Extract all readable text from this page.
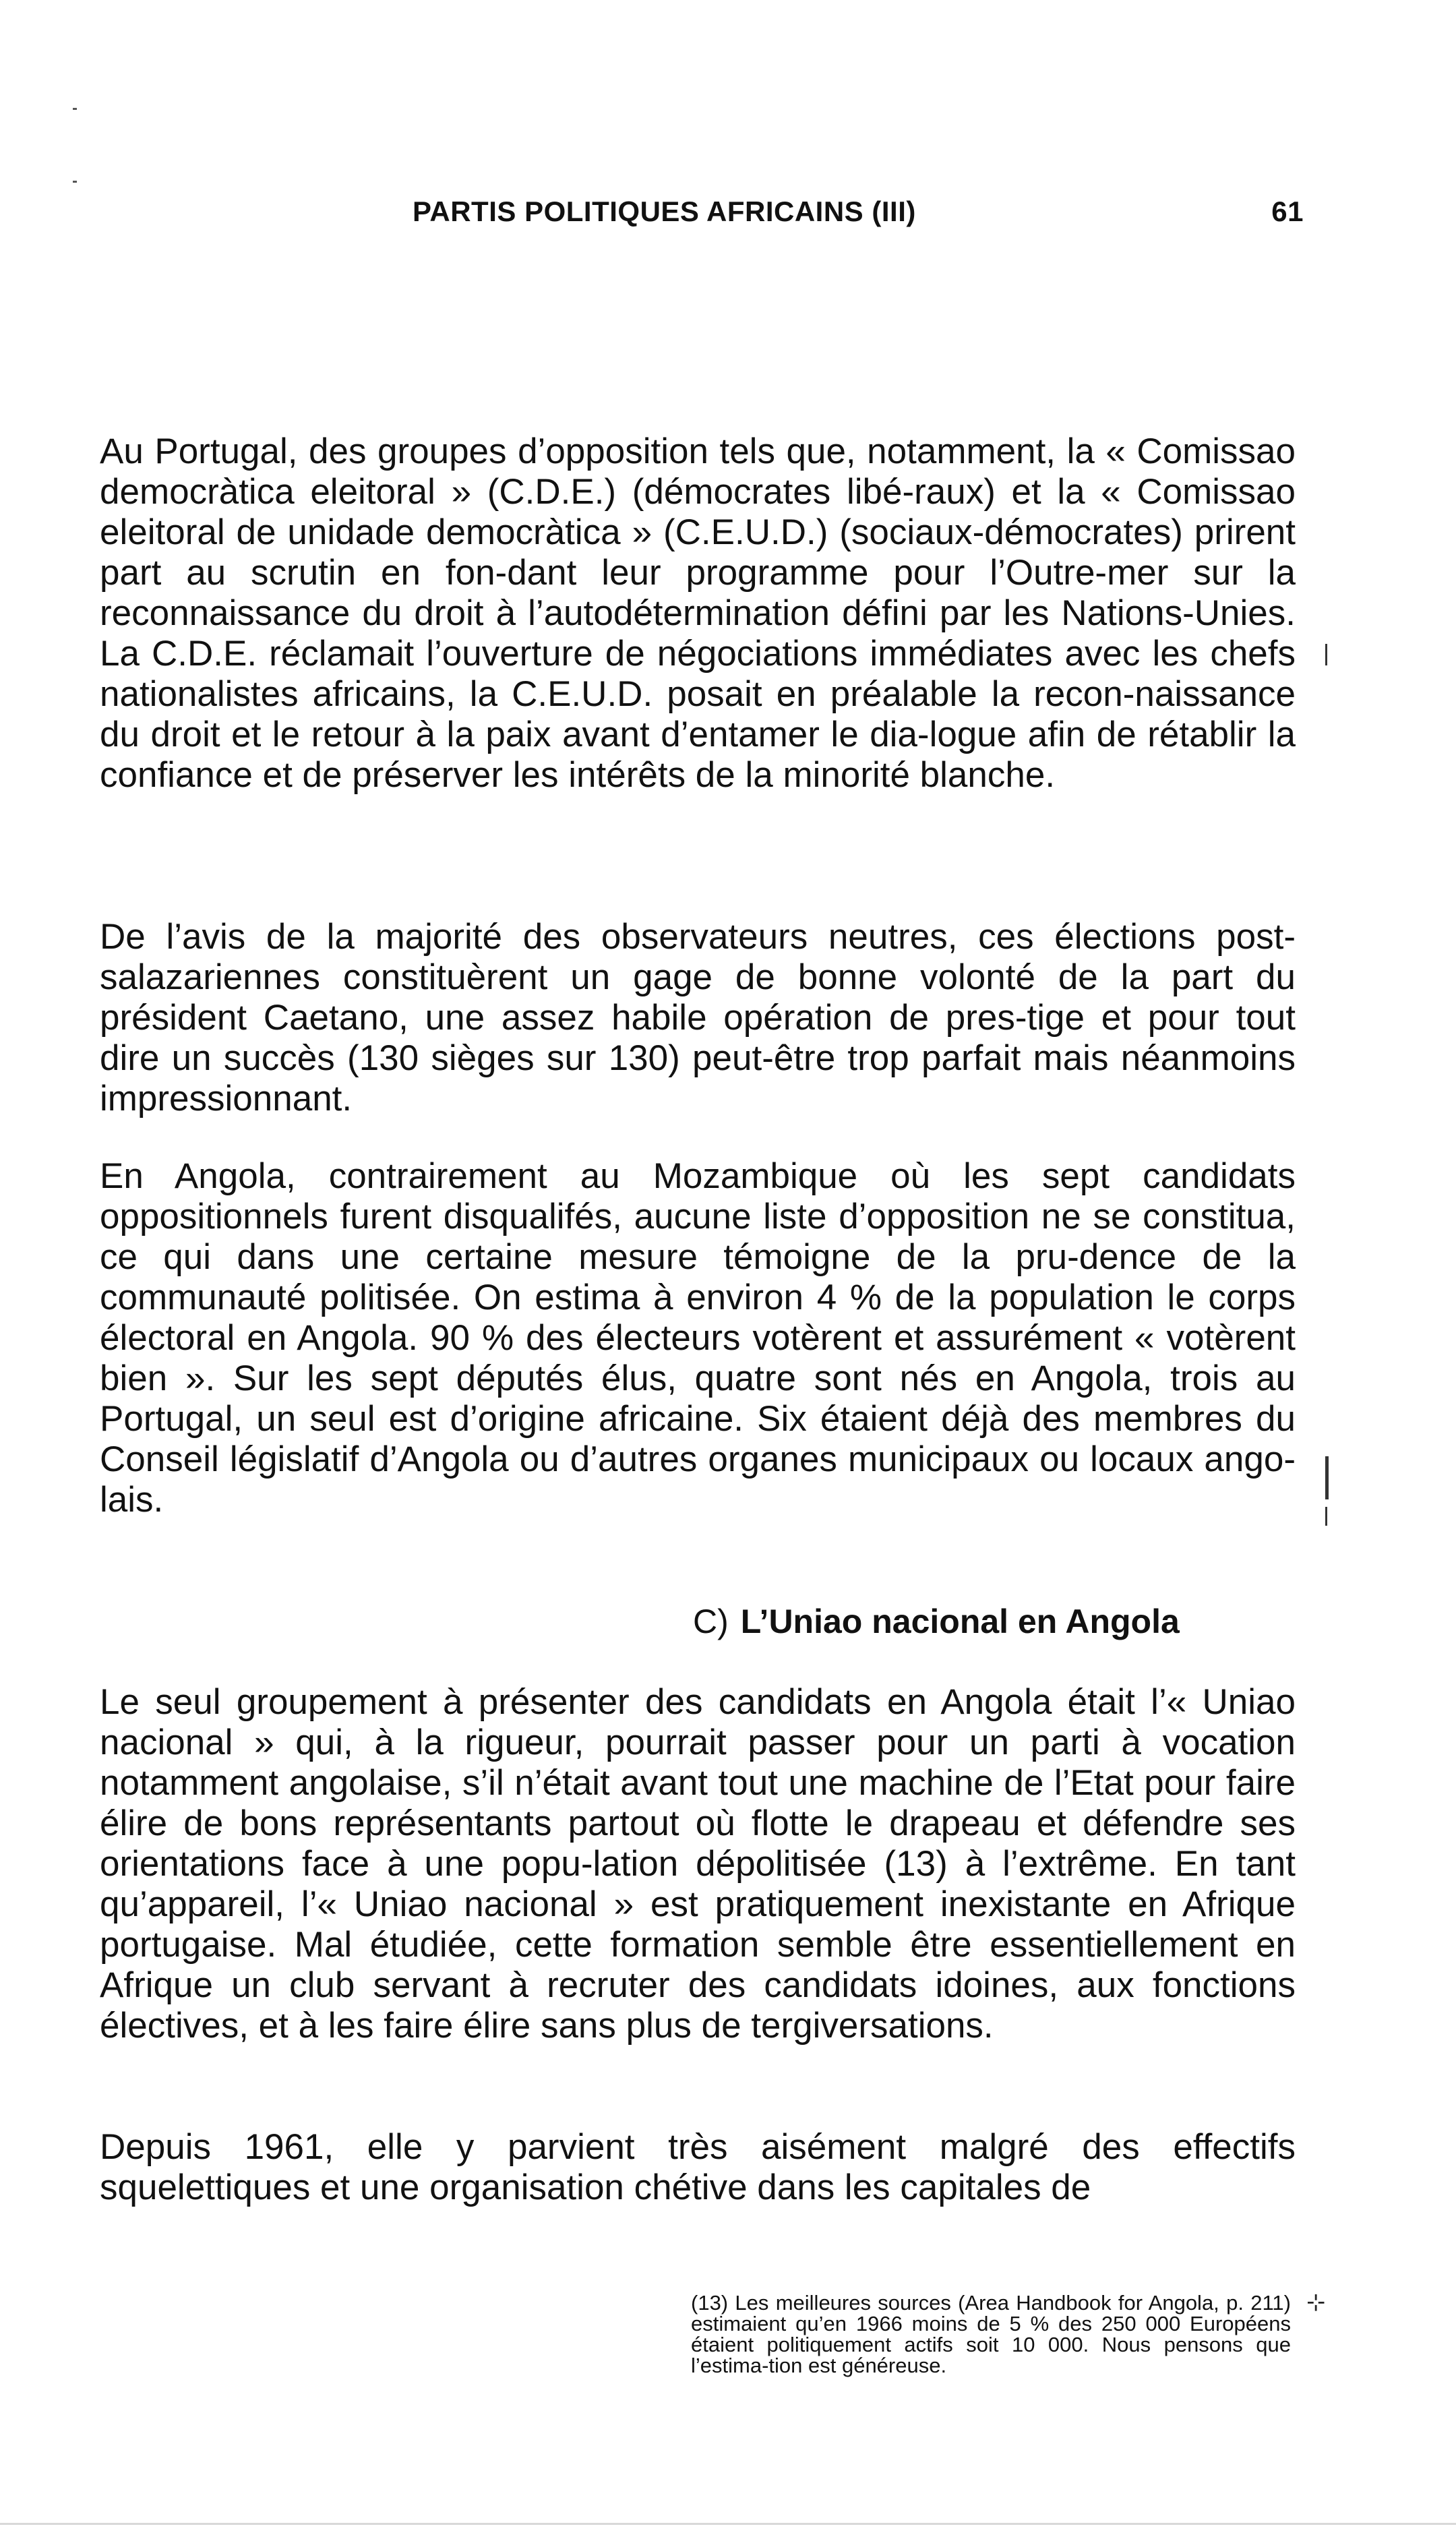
PARTIS POLITIQUES AFRICAINS (III)	61

Au Portugal, des groupes d’opposition tels que, notamment, la « Comissao democràtica eleitoral » (C.D.E.) (démocrates libé-raux) et la « Comissao eleitoral de unidade democràtica » (C.E.U.D.) (sociaux-démocrates) prirent part au scrutin en fon-dant leur programme pour l’Outre-mer sur la reconnaissance du droit à l’autodétermination défini par les Nations-Unies. La C.D.E. réclamait l’ouverture de négociations immédiates avec les chefs nationalistes africains, la C.E.U.D. posait en préalable la recon-naissance du droit et le retour à la paix avant d’entamer le dia-logue afin de rétablir la confiance et de préserver les intérêts de la minorité blanche.

De l’avis de la majorité des observateurs neutres, ces élections post-salazariennes constituèrent un gage de bonne volonté de la part du président Caetano, une assez habile opération de pres-tige et pour tout dire un succès (130 sièges sur 130) peut-être trop parfait mais néanmoins impressionnant.

En Angola, contrairement au Mozambique où les sept candidats oppositionnels furent disqualifés, aucune liste d’opposition ne se constitua, ce qui dans une certaine mesure témoigne de la pru-dence de la communauté politisée. On estima à environ 4 % de la population le corps électoral en Angola. 90 % des électeurs votèrent et assurément « votèrent bien ». Sur les sept députés élus, quatre sont nés en Angola, trois au Portugal, un seul est d’origine africaine. Six étaient déjà des membres du Conseil législatif d’Angola ou d’autres organes municipaux ou locaux ango-lais.

C) L’Uniao nacional en Angola

Le seul groupement à présenter des candidats en Angola était l’« Uniao nacional » qui, à la rigueur, pourrait passer pour un parti à vocation notamment angolaise, s’il n’était avant tout une machine de l’Etat pour faire élire de bons représentants partout où flotte le drapeau et défendre ses orientations face à une popu-lation dépolitisée (13) à l’extrême. En tant qu’appareil, l’« Uniao nacional » est pratiquement inexistante en Afrique portugaise. Mal étudiée, cette formation semble être essentiellement en Afrique un club servant à recruter des candidats idoines, aux fonctions électives, et à les faire élire sans plus de tergiversations.

Depuis 1961, elle y parvient très aisément malgré des effectifs squelettiques et une organisation chétive dans les capitales de

(13) Les meilleures sources (Area Handbook for Angola, p. 211) estimaient qu’en 1966 moins de 5 % des 250 000 Européens étaient politiquement actifs soit 10 000. Nous pensons que l’estima-tion est généreuse.

⊹
